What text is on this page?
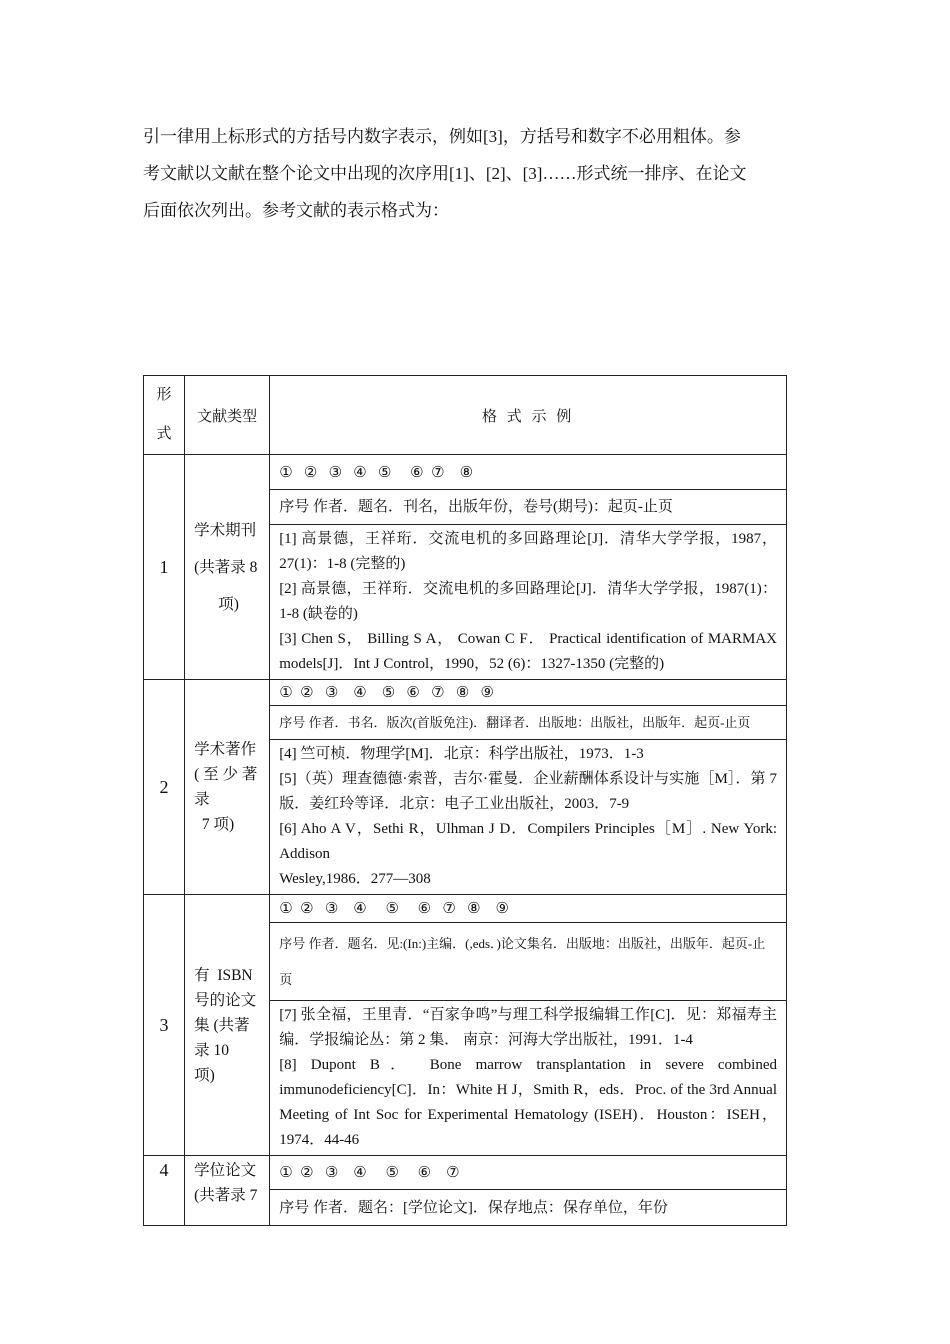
引一律用上标形式的方括号内数字表示，例如[3]，方括号和数字不必用粗体。参
考文献以文献在整个论文中出现的次序用[1]、[2]、[3]……形式统一排序、在论文
后面依次列出。参考文献的表示格式为：
形
式	文献类型	格 式 示 例
1	学术期刊
(共著录 8
项)	①   ②   ③   ④   ⑤     ⑥  ⑦    ⑧
		序号 作者．题名．刊名，出版年份，卷号(期号)：起页-止页

		[1] 高景德，王祥珩．交流电机的多回路理论[J]．清华大学学报，1987，27(1)：1-8 (完整的)

[2] 高景德，王祥珩．交流电机的多回路理论[J]．清华大学学报，1987(1)：1-8 (缺卷的)

[3] Chen S， Billing S A， Cowan C F． Practical identification of MARMAX models[J]．Int J Control，1990，52 (6)：1327-1350 (完整的)

2	学术著作
( 至 少 著
录
7 项)	①  ②   ③    ④    ⑤   ⑥   ⑦   ⑧   ⑨
		序号 作者．书名．版次(首版免注)．翻译者．出版地：出版社，出版年．起页-止页

		[4] 竺可桢．物理学[M]．北京：科学出版社，1973．1-3

[5]（英）理查德德·索普，吉尔·霍曼．企业薪酬体系设计与实施［M］．第 7 版．姜红玲等译．北京：电子工业出版社，2003．7-9

[6] Aho A V，Sethi R，Ulhman J D．Compilers Principles［M］. New York: Addison

Wesley,1986．277—308

3	有  ISBN
号的论文
集 (共著
录 10
项)	①  ②   ③    ④     ⑤     ⑥   ⑦   ⑧    ⑨
		序号 作者．题名．见:(In:)主编．(,eds．)论文集名．出版地：出版社，出版年．起页-止页

		[7] 张全福，王里青．“百家争鸣”与理工科学报编辑工作[C]．见：郑福寿主编．学报编论丛：第 2 集． 南京：河海大学出版社，1991．1-4

[8] Dupont B． Bone marrow transplantation in severe combined immunodeficiency[C]．In：White H J，Smith R，eds．Proc. of the 3rd Annual Meeting of Int Soc for Experimental Hematology (ISEH)．Houston：ISEH，1974．44-46

4	学位论文
(共著录 7	①  ②   ③    ④     ⑤     ⑥    ⑦
		序号 作者．题名：[学位论文]．保存地点：保存单位，年份
